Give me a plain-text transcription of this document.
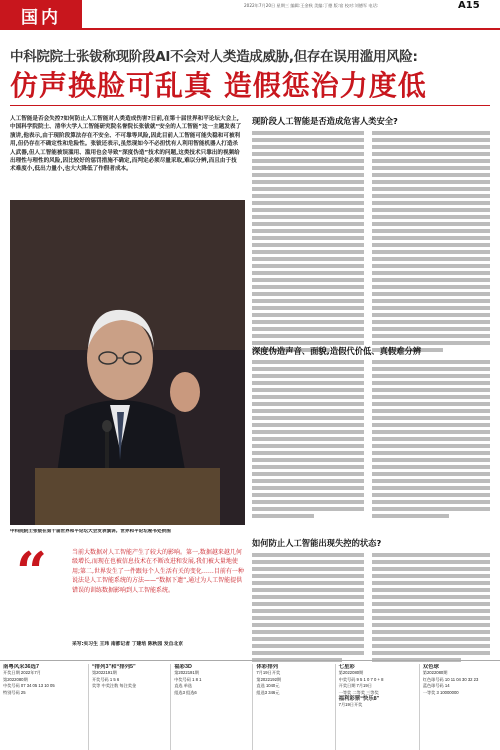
国内
2022年7月20日 星期三 编辑:王金秋 美编:丁德 版:宿 校对:刘德军 电话:	A15
中科院院士张钹称现阶段AI不会对人类造成威胁,但存在误用滥用风险:
仿声换脸可乱真 造假惩治力度低
人工智能是否会失控?如何防止人工智能对人类造成伤害?日前,在第十届世界和平论坛大会上,中国科学院院士、清华大学人工智能研究院名誉院长张钹就“安全的人工智能”这一主题发表了演讲,他表示,由于现阶段算法存在不安全、不可靠等风险,因此目前人工智能可能失稳和可被利用,但仍存在不确定性和危险性。张钹还表示,虽然现如今不必担忧有人利用智能机器人打造杀人武器,但人工智能被误滥用、滥用也会导致“深度伪造”技术的问题,这类技术只靠出的视频给出理性与理性的风险,因比较好的惩罚措施不确定,而判定必须尽量采取,难以分辨,而且由于技术难度小,低出力量小,也大大降低了作假者成本。
中科院院士张钹在第十届世界和平论坛大会发表演讲。世界和平论坛秘书处供图
现阶段人工智能是否造成危害人类安全?
深度伪造声音、面貌,造假代价低、真假难分辨
如何防止人工智能出现失控的状态?
“	当前大数据对人工智能产生了较大的影响。第一,数据越来越几何级增长,而现在也被信息技术在不断改进和发展,我们被大量地使用;第二,世界发生了一件跟每个人生活有关的变化……目前有一种说法是人工智能系统的方法——“数据下遗”,通过为人工智能提供错误的训练数据影响到人工智能系统。
采写:实习生 王玮 南都记者 丁建培 陈秋园 发自北京
南粤风采36选7
开奖日期 2022年7月
第2022080期
中奖号码 07 34 05 13 10 05
特别号码 25
“排列3”和“排列5”
第2022191期
开奖号码 1 5 6
奖等 中奖注数 每注奖金
福彩3D
第2022191期
中奖号码 1 8 1
直选 单选
组选3 组选6
体彩排列
7月19日开奖
第2022192期
直选 1040元
组选3 346元
七星彩
第2022080期
中奖号码 9 5 1 0 7 0 + 8
开奖日期 7月19日
一等奖 二等奖 三等奖
福利彩票“快乐8”
7月19日开奖
双色球
第2022080期
红色球号码 10 11 04 30 32 23
蓝色球号码 14
一等奖 3 10000000
